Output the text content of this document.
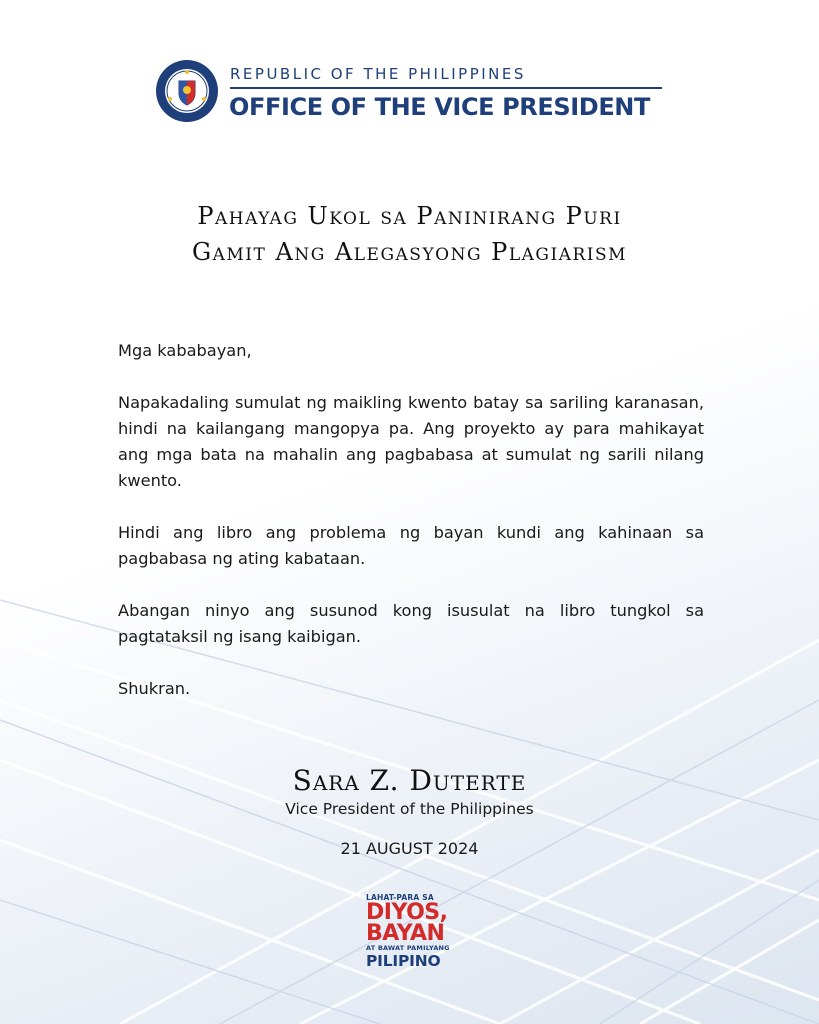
REPUBLIC OF THE PHILIPPINES
OFFICE OF THE VICE PRESIDENT
Pahayag Ukol sa Paninirang Puri
Gamit Ang Alegasyong Plagiarism

Mga kababayan,

Napakadaling sumulat ng maikling kwento batay sa sariling karanasan, hindi na kailangang mangopya pa. Ang proyekto ay para mahikayat ang mga bata na mahalin ang pagbabasa at sumulat ng sarili nilang kwento.

Hindi ang libro ang problema ng bayan kundi ang kahinaan sa pagbabasa ng ating kabataan.

Abangan ninyo ang susunod kong isusulat na libro tungkol sa pagtataksil ng isang kaibigan.

Shukran.

Sara Z. Duterte
Vice President of the Philippines
21 AUGUST 2024
LAHAT-PARA SA
DIYOS,
BAYAN
AT BAWAT PAMILYANG
PILIPINO
